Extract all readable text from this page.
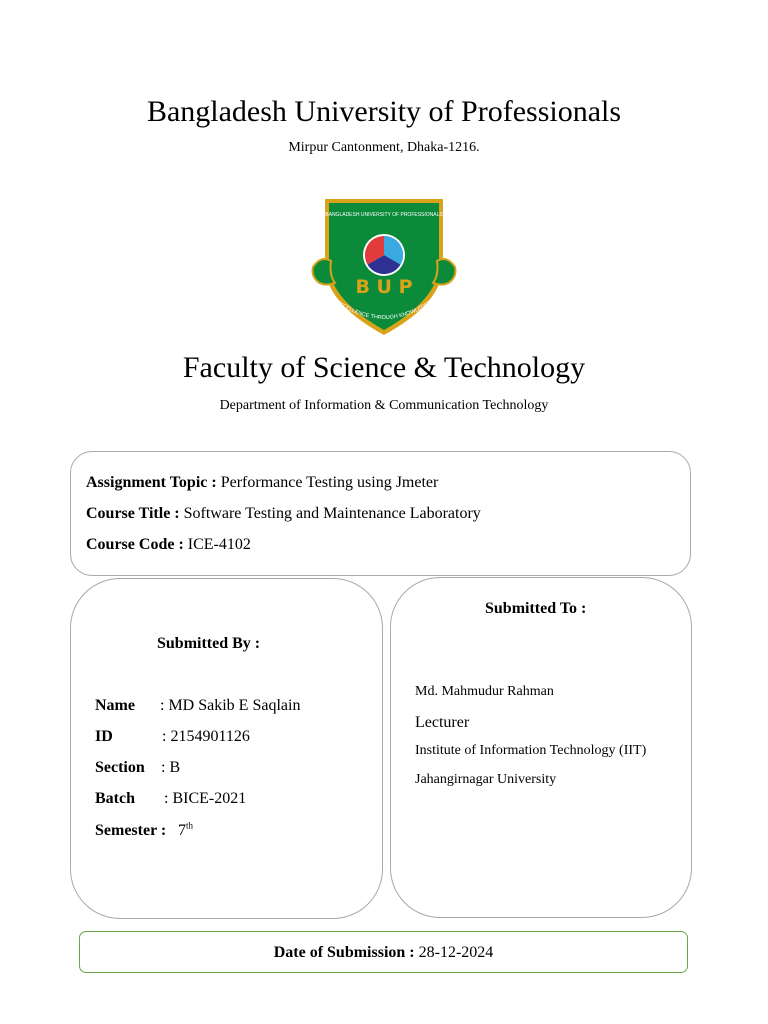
Bangladesh University of Professionals
Mirpur Cantonment, Dhaka-1216.
BANGLADESH UNIVERSITY OF PROFESSIONALS
B U P
EXCELLENCE THROUGH KNOWLEDGE
Faculty of Science & Technology
Department of Information & Communication Technology
Assignment Topic : Performance Testing using Jmeter
Course Title : Software Testing and Maintenance Laboratory
Course Code : ICE-4102
Submitted By :
Name : MD Sakib E Saqlain
ID	: 2154901126
Section : B
Batch : BICE-2021
Semester : 7th
Submitted To :
Md. Mahmudur Rahman
Lecturer
Institute of Information Technology (IIT)
Jahangirnagar University
Date of Submission : 28-12-2024
